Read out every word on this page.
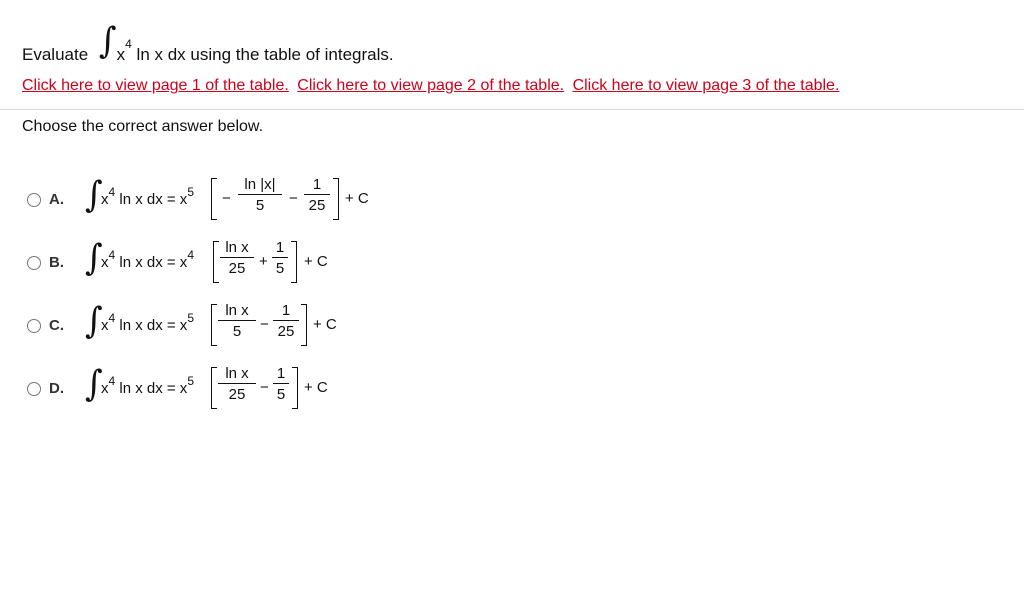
Evaluate $\int x^4$ ln x dx using the table of integrals.
Click here to view page 1 of the table. Click here to view page 2 of the table. Click here to view page 3 of the table.
Choose the correct answer below.
A. ∫
$x^4$ ln x dx = $x^5 - \frac{\ln |x|}{5} - \frac{1}{25} + C$
B. ∫
$x^4$ ln x dx = $x^4 \frac{\text{ln x}}{25} + \frac{1}{5} + C$
C. ∫
$x^4$ ln x dx = $x^5 \frac{\text{ln x}}{5} - \frac{1}{25} + C$
D. ∫
$x^4$ ln x dx = $x^5 \frac{\text{ln x}}{25} - \frac{1}{5} + C$
